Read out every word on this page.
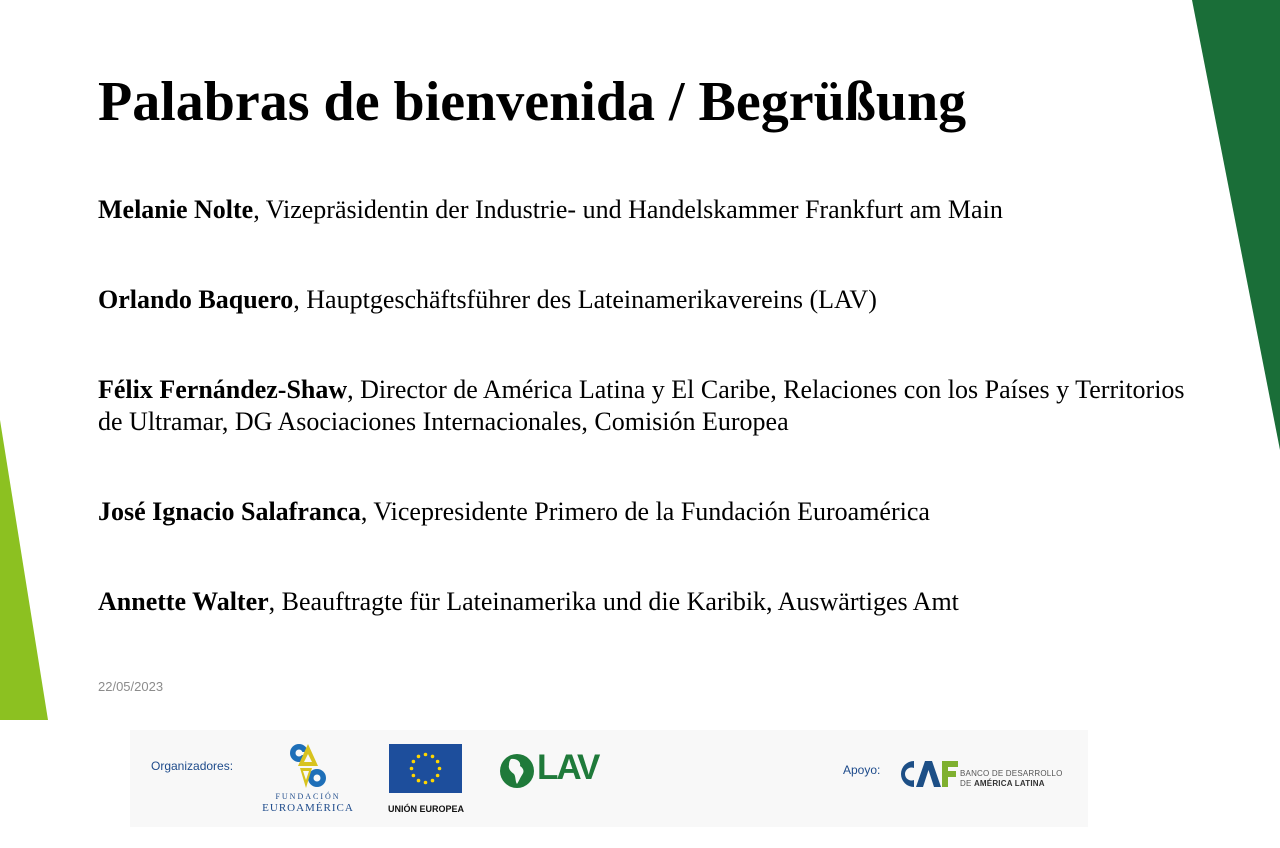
Palabras de bienvenida / Begrüßung
Melanie Nolte, Vizepräsidentin der Industrie- und Handelskammer Frankfurt am Main
Orlando Baquero, Hauptgeschäftsführer des Lateinamerikavereins (LAV)
Félix Fernández-Shaw, Director de América Latina y El Caribe, Relaciones con los Países y Territorios de Ultramar, DG Asociaciones Internacionales, Comisión Europea
José Ignacio Salafranca, Vicepresidente Primero de la Fundación Euroamérica
Annette Walter, Beauftragte für Lateinamerika und die Karibik, Auswärtiges Amt
22/05/2023
Organizadores:
FUNDACIÓN
EUROAMÉRICA	UNIÓN EUROPEA
LAV	Apoyo:	BANCO DE DESARROLLO
DE AMÉRICA LATINA
